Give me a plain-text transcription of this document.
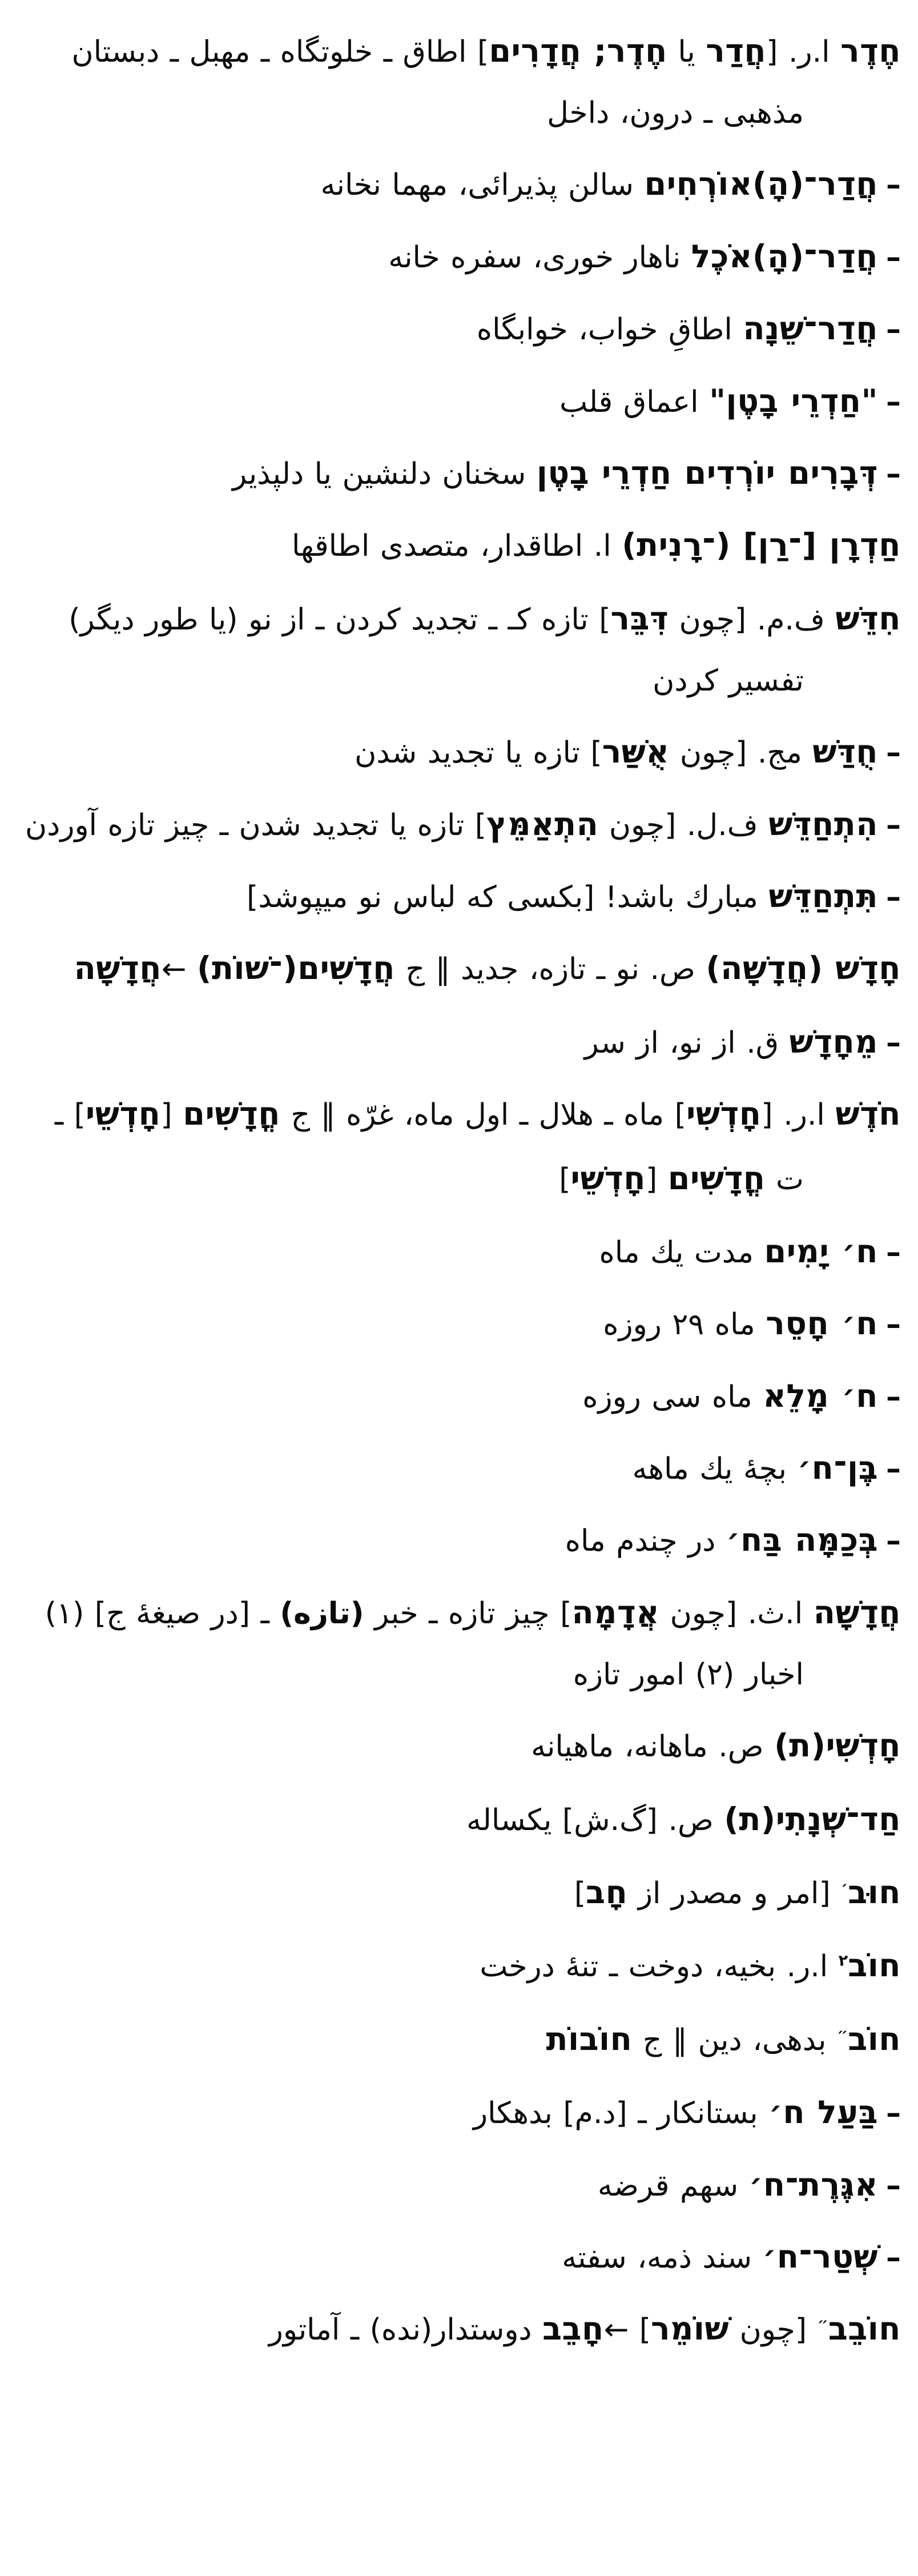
חֶדֶר ا.ر. [חֲדַר یا חֶדֶר; חֲדָרִים] اطاق ـ خلوتگاه ـ مهبل ـ دبستان مذهبی ـ درون، داخل

–חֲדַר־(הָ)אוֹרְחִים سالن پذیرائی، مهما نخانه

–חֲדַר־(הָ)אֹכֶל ناهار خوری، سفره خانه

–חֲדַר־שֵׁנָה اطاقِ خواب، خوابگاه

–"חַדְרֵי בָטֶן" اعماق قلب

–דְּבָרִים יוֹרְדִים חַדְרֵי בָטֶן سخنان دلنشین یا دلپذیر

חַדְרָן [־רַן] (־רָנִית) ا. اطاقدار، متصدی اطاقها

חִדֵּשׁ ف.م. [چون דִּבֵּר] تازه كـ ـ تجدید كردن ـ از نو (یا طور دیگر) تفسیر كردن

–חֻדַּשׁ مج. [چون אֻשַּׁר] تازه یا تجدید شدن

–הִתְחַדֵּשׁ ف.ل. [چون הִתְאַמֵּץ] تازه یا تجدید شدن ـ چیز تازه آوردن

–תִּתְחַדֵּשׁ مبارك باشد! [بكسی كه لباس نو میپوشد]

חָדָשׁ (חֲדָשָׁה) ص. نو ـ تازه، جدید ‖ ج חֲדָשִׁים(־שׁוֹת) ←חֲדָשָׁה

–מֵחָדָשׁ ق. از نو، از سر

חֹדֶשׁ ا.ر. [חָדְשִׁי] ماه ـ هلال ـ اول ماه، غرّه ‖ ج חֳדָשִׁים [חָדְשֵׁי] ـ ت חֳדָשִׁים [חָדְשֵׁי]

–ח׳ יָמִים مدت یك ماه

–ח׳ חָסֵר ماه ۲۹ روزه

–ח׳ מָלֵא ماه سی روزه

–בֶּן־ח׳ بچۀ یك ماهه

–בְּכַמָּה בַּח׳ در چندم ماه

חֲדָשָׁה ا.ث. [چون אֲדָמָה] چیز تازه ـ خبر (تازه) ـ [در صیغۀ ج] (۱) اخبار (۲) امور تازه

חָדְשִׁי(ת) ص. ماهانه، ماهیانه

חַד־שְׁנָתִי(ת) ص. [گ.ش] یكساله

חוּב׳ [امر و مصدر از חָב]

חוֹב$^٢$ ا.ر. بخیه، دوخت ـ تنۀ درخت

חוֹב״ بدهی، دین ‖ ج חוֹבוֹת

–בַּעַל ח׳ بستانكار ـ [د.م] بدهكار

–אִגֶּרֶת־ח׳ سهم قرضه

–שְׁטַר־ח׳ سند ذمه، سفته

חוֹבֵב״ [چون שׁוֹמֵר] ←חָבֵב دوستدار(نده) ـ آماتور
